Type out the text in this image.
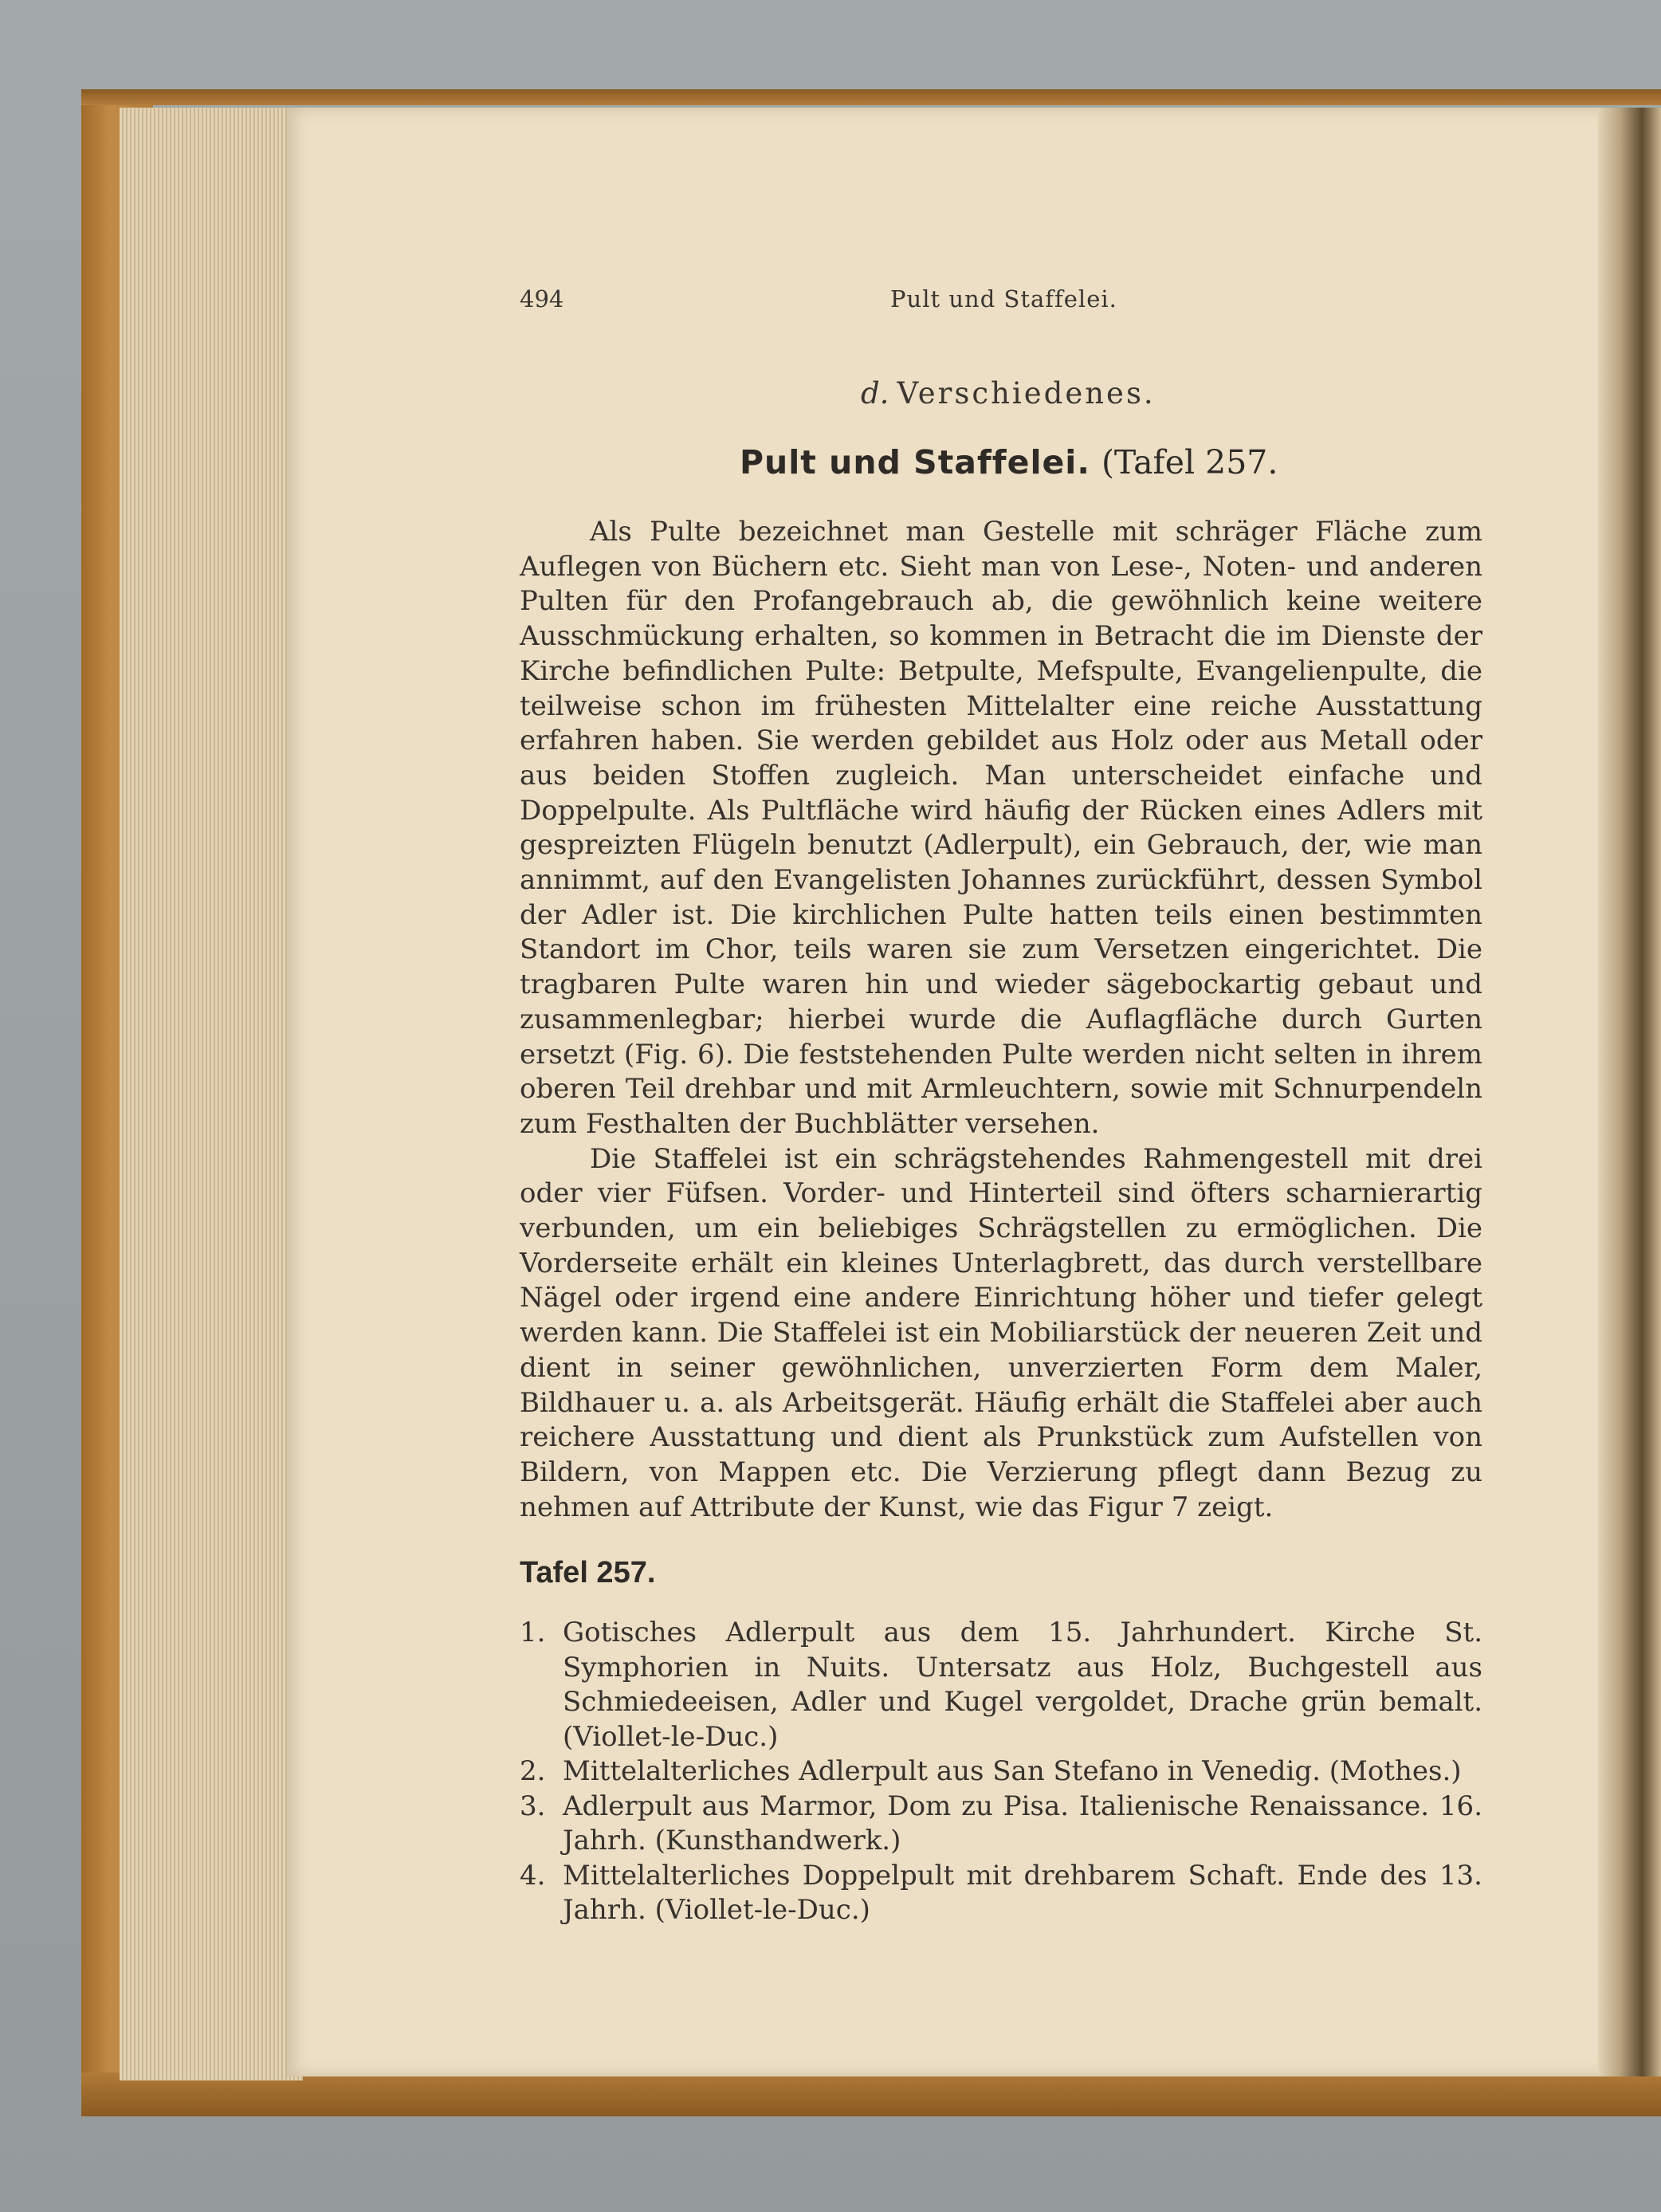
494	Pult und Staffelei.
d. Verschiedenes.
Pult und Staffelei. (Tafel 257.

Als Pulte bezeichnet man Gestelle mit schräger Fläche zum Auflegen von Büchern etc. Sieht man von Lese-, Noten- und anderen Pulten für den Profangebrauch ab, die gewöhnlich keine weitere Ausschmückung erhalten, so kommen in Betracht die im Dienste der Kirche befindlichen Pulte: Betpulte, Mefspulte, Evangelienpulte, die teilweise schon im frühesten Mittelalter eine reiche Ausstattung erfahren haben. Sie werden gebildet aus Holz oder aus Metall oder aus beiden Stoffen zugleich. Man unterscheidet einfache und Doppelpulte. Als Pultfläche wird häufig der Rücken eines Adlers mit gespreizten Flügeln benutzt (Adlerpult), ein Gebrauch, der, wie man annimmt, auf den Evangelisten Johannes zurückführt, dessen Symbol der Adler ist. Die kirchlichen Pulte hatten teils einen bestimmten Standort im Chor, teils waren sie zum Versetzen eingerichtet. Die tragbaren Pulte waren hin und wieder sägebockartig gebaut und zusammenlegbar; hierbei wurde die Auflagfläche durch Gurten ersetzt (Fig. 6). Die feststehenden Pulte werden nicht selten in ihrem oberen Teil drehbar und mit Armleuchtern, sowie mit Schnurpendeln zum Festhalten der Buchblätter versehen.

Die Staffelei ist ein schrägstehendes Rahmengestell mit drei oder vier Füfsen. Vorder- und Hinterteil sind öfters scharnierartig verbunden, um ein beliebiges Schrägstellen zu ermöglichen. Die Vorderseite erhält ein kleines Unterlagbrett, das durch verstellbare Nägel oder irgend eine andere Einrichtung höher und tiefer gelegt werden kann. Die Staffelei ist ein Mobiliarstück der neueren Zeit und dient in seiner gewöhnlichen, unverzierten Form dem Maler, Bildhauer u. a. als Arbeitsgerät. Häufig erhält die Staffelei aber auch reichere Ausstattung und dient als Prunkstück zum Aufstellen von Bildern, von Mappen etc. Die Verzierung pflegt dann Bezug zu nehmen auf Attribute der Kunst, wie das Figur 7 zeigt.

Tafel 257.
1. Gotisches Adlerpult aus dem 15. Jahrhundert. Kirche St. Symphorien in Nuits. Untersatz aus Holz, Buchgestell aus Schmiedeeisen, Adler und Kugel vergoldet, Drache grün bemalt. (Viollet-le-Duc.)
2. Mittelalterliches Adlerpult aus San Stefano in Venedig. (Mothes.)
3. Adlerpult aus Marmor, Dom zu Pisa. Italienische Renaissance. 16. Jahrh. (Kunsthandwerk.)
4. Mittelalterliches Doppelpult mit drehbarem Schaft. Ende des 13. Jahrh. (Viollet-le-Duc.)
